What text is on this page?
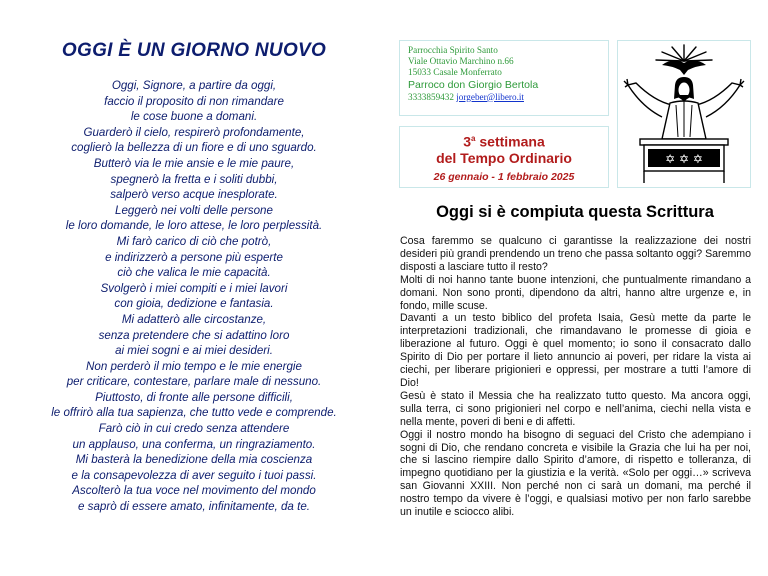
OGGI È UN GIORNO NUOVO
Oggi, Signore, a partire da oggi,
faccio il proposito di non rimandare
le cose buone a domani.
Guarderò il cielo, respirerò profondamente,
coglierò la bellezza di un fiore e di uno sguardo.
Butterò via le mie ansie e le mie paure,
spegnerò la fretta e i soliti dubbi,
salperò verso acque inesplorate.
Leggerò nei volti delle persone
le loro domande, le loro attese, le loro perplessità.
Mi farò carico di ciò che potrò,
e indirizzerò a persone più esperte
ciò che valica le mie capacità.
Svolgerò i miei compiti e i miei lavori
con gioia, dedizione e fantasia.
Mi adatterò alle circostanze,
senza pretendere che si adattino loro
ai miei sogni e ai miei desideri.
Non perderò il mio tempo e le mie energie
per criticare, contestare, parlare male di nessuno.
Piuttosto, di fronte alle persone difficili,
le offrirò alla tua sapienza, che tutto vede e comprende.
Farò ciò in cui credo senza attendere
un applauso, una conferma, un ringraziamento.
Mi basterà la benedizione della mia coscienza
e la consapevolezza di aver seguito i tuoi passi.
Ascolterò la tua voce nel movimento del mondo
e saprò di essere amato, infinitamente, da te.
Parrocchia Spirito Santo
Viale Ottavio Marchino n.66
15033 Casale Monferrato
Parroco don Giorgio Bertola
3333859432 jorgeber@libero.it
✡ ✡ ✡
3$^a$ settimana
del Tempo Ordinario
26 gennaio - 1 febbraio 2025
Oggi si è compiuta questa Scrittura

Cosa faremmo se qualcuno ci garantisse la realizzazione dei nostri desideri più grandi prendendo un treno che passa soltanto oggi? Saremmo disposti a lasciare tutto il resto?

Molti di noi hanno tante buone intenzioni, che puntualmente rimandano a domani. Non sono pronti, dipendono da altri, hanno altre urgenze e, in fondo, mille scuse.

Davanti a un testo biblico del profeta Isaia, Gesù mette da parte le interpretazioni tradizionali, che rimandavano le promesse di gioia e liberazione al futuro. Oggi è quel momento; io sono il consacrato dallo Spirito di Dio per portare il lieto annuncio ai poveri, per ridare la vista ai ciechi, per liberare prigionieri e oppressi, per mostrare a tutti l’amore di Dio!

Gesù è stato il Messia che ha realizzato tutto questo. Ma ancora oggi, sulla terra, ci sono prigionieri nel corpo e nell’anima, ciechi nella vista e nella mente, poveri di beni e di affetti.

Oggi il nostro mondo ha bisogno di seguaci del Cristo che adempiano i sogni di Dio, che rendano concreta e visibile la Grazia che lui ha per noi, che si lascino riempire dallo Spirito d’amore, di rispetto e tolleranza, di impegno quotidiano per la giustizia e la verità. «Solo per oggi…» scriveva san Giovanni XXIII. Non perché non ci sarà un domani, ma perché il nostro tempo da vivere è l’oggi, e qualsiasi motivo per non farlo sarebbe un inutile e sciocco alibi.
